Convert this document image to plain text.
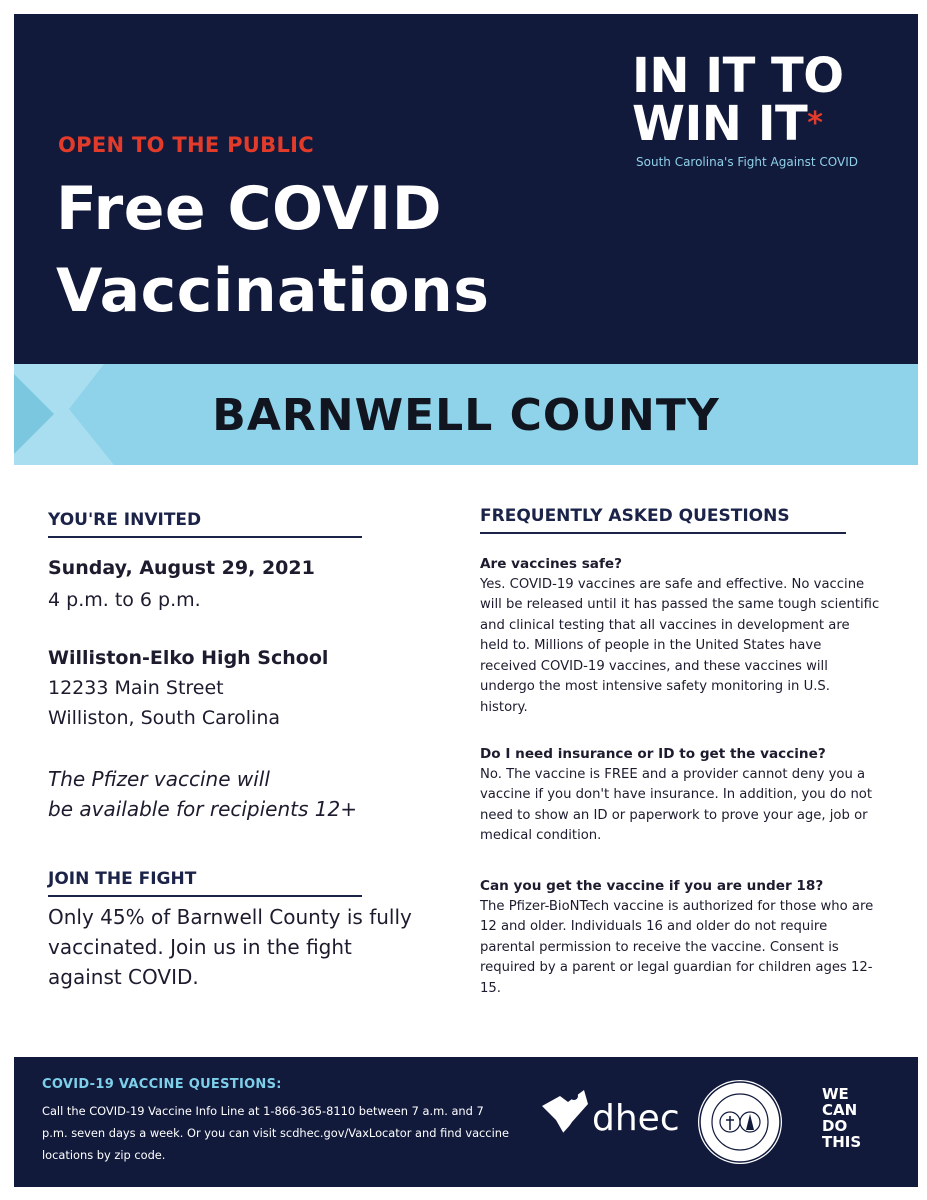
OPEN TO THE PUBLIC
Free COVID
Vaccinations
IN IT TO
WIN IT*
South Carolina's Fight Against COVID
BARNWELL COUNTY
YOU'RE INVITED
Sunday, August 29, 2021
4 p.m. to 6 p.m.
Williston-Elko High School
12233 Main Street
Williston, South Carolina
The Pfizer vaccine will
be available for recipients 12+
JOIN THE FIGHT
Only 45% of Barnwell County is fully vaccinated. Join us in the fight against COVID.
FREQUENTLY ASKED QUESTIONS
Are vaccines safe?
Yes. COVID-19 vaccines are safe and effective. No vaccine will be released until it has passed the same tough scientific and clinical testing that all vaccines in development are held to. Millions of people in the United States have received COVID-19 vaccines, and these vaccines will undergo the most intensive safety monitoring in U.S. history.
Do I need insurance or ID to get the vaccine?
No. The vaccine is FREE and a provider cannot deny you a vaccine if you don't have insurance. In addition, you do not need to show an ID or paperwork to prove your age, job or medical condition.
Can you get the vaccine if you are under 18?
The Pfizer-BioNTech vaccine is authorized for those who are 12 and older. Individuals 16 and older do not require parental permission to receive the vaccine. Consent is required by a parent or legal guardian for children ages 12-15.
COVID-19 VACCINE QUESTIONS:
Call the COVID-19 Vaccine Info Line at 1-866-365-8110 between 7 a.m. and 7 p.m. seven days a week. Or you can visit scdhec.gov/VaxLocator and find vaccine locations by zip code.
dhec
WE
CAN
DO
THIS
